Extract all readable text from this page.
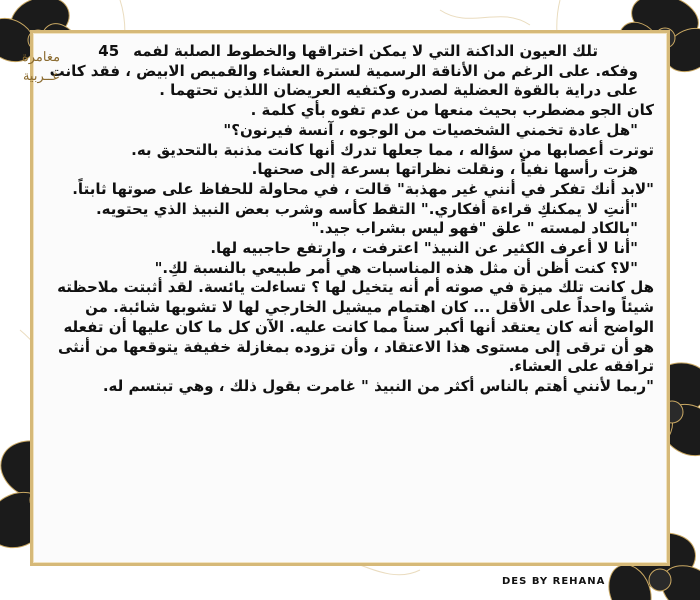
مغامرة غــربية

تلك العيون الداكنة التي لا يمكن اختراقها والخطوط الصلبة لفمه45

وفكه. على الرغم من الأناقة الرسمية لسترة العشاء والقميص الابيض ، فقد كانت على دراية بالقوة العضلية لصدره وكتفيه العريضان اللذين تحتهما .

كان الجو مضطرب بحيث منعها من عدم تفوه بأي كلمة .

"هل عادة تخمني الشخصيات من الوجوه ، آنسة فيرنون؟"

توترت أعصابها من سؤاله ، مما جعلها تدرك أنها كانت مذنبة بالتحديق به.

هزت رأسها نفياً ، ونقلت نظراتها بسرعة إلى صحنها.

"لابد أنك تفكر في أنني غير مهذبة" قالت ، في محاولة للحفاظ على صوتها ثابتاً.

"أنتِ لا يمكنكِ قراءة أفكاري." التقط كأسه وشرب بعض النبيذ الذي يحتويه.

"بالكاد لمسته " علق "فهو ليس بشراب جيد."

"أنا لا أعرف الكثير عن النبيذ" اعترفت ، وارتفع حاجبيه لها.

"لا؟ كنت أظن أن مثل هذه المناسبات هي أمر طبيعي بالنسبة لكِ."

هل كانت تلك ميزة في صوته أم أنه يتخيل لها ؟ تساءلت يائسة. لقد أثبتت ملاحظته شيئاً واحداً على الأقل ... كان اهتمام ميشيل الخارجي لها لا تشوبها شائبة. من الواضح أنه كان يعتقد أنها أكبر سناً مما كانت عليه. الآن كل ما كان عليها أن تفعله هو أن ترقى إلى مستوى هذا الاعتقاد ، وأن تزوده بمغازلة خفيفة يتوقعها من أنثى ترافقه على العشاء.

"ربما لأنني أهتم بالناس أكثر من النبيذ " غامرت بقول ذلك ، وهي تبتسم له.

DES BY REHANA
